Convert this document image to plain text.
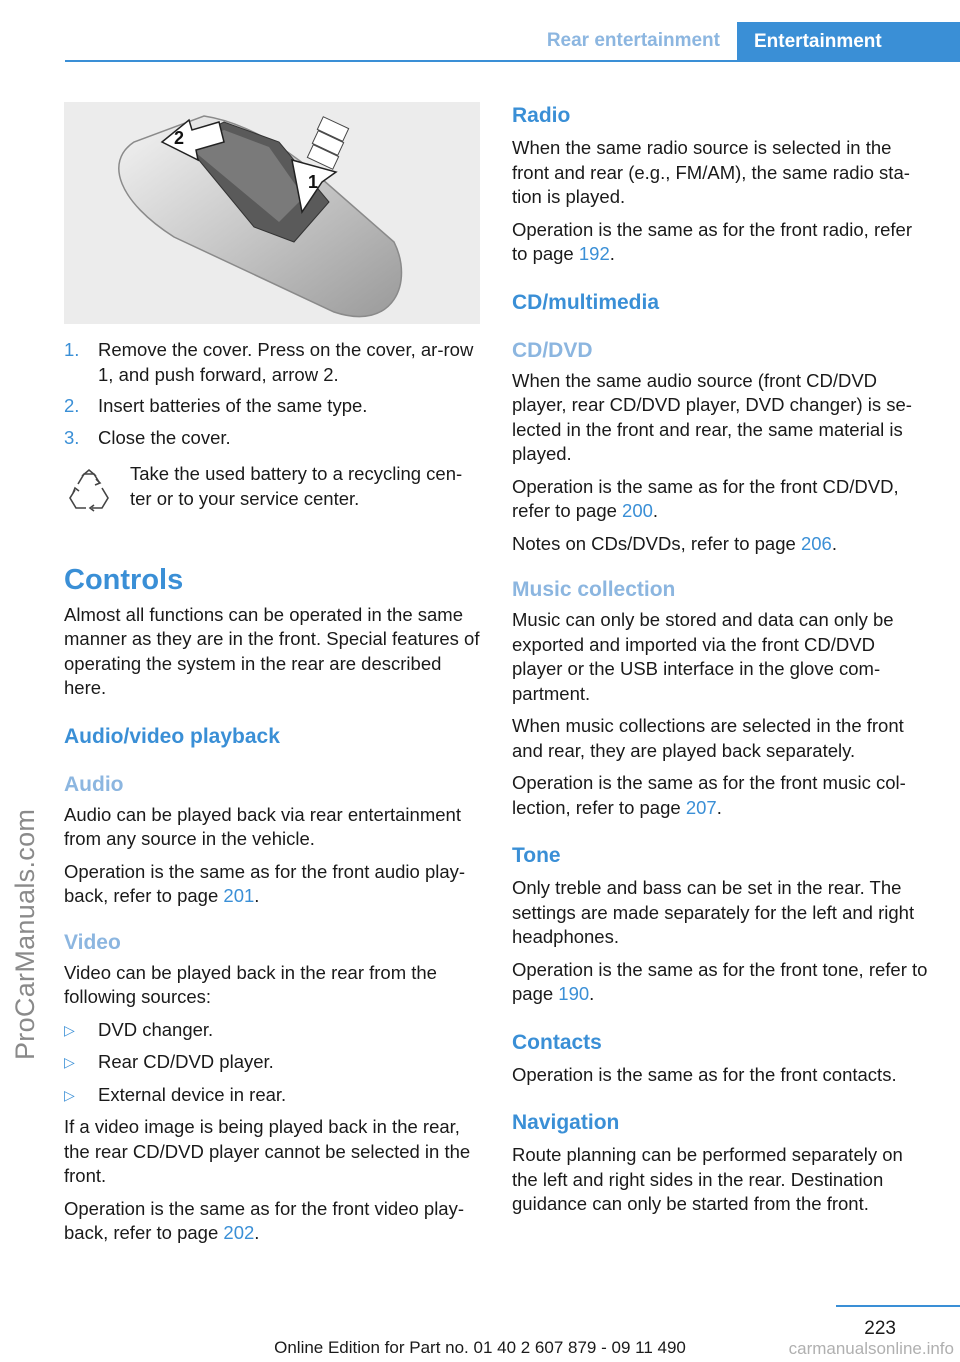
Rear entertainment	Entertainment
ProCarManuals.com
2
1
1.	Remove the cover. Press on the cover, ar-row 1, and push forward, arrow 2.
2.	Insert batteries of the same type.
3.	Close the cover.
Take the used battery to a recycling cen-ter or to your service center.
Controls

Almost all functions can be operated in the same manner as they are in the front. Special features of operating the system in the rear are described here.

Audio/video playback
Audio

Audio can be played back via rear entertainment from any source in the vehicle.

Operation is the same as for the front audio play-back, refer to page 201.

Video

Video can be played back in the rear from the following sources:

▷	DVD changer.
▷	Rear CD/DVD player.
▷	External device in rear.

If a video image is being played back in the rear, the rear CD/DVD player cannot be selected in the front.

Operation is the same as for the front video play-back, refer to page 202.

Radio

When the same radio source is selected in the front and rear (e.g., FM/AM), the same radio sta-tion is played.

Operation is the same as for the front radio, refer to page 192.

CD/multimedia
CD/DVD

When the same audio source (front CD/DVD player, rear CD/DVD player, DVD changer) is se-lected in the front and rear, the same material is played.

Operation is the same as for the front CD/DVD, refer to page 200.

Notes on CDs/DVDs, refer to page 206.

Music collection

Music can only be stored and data can only be exported and imported via the front CD/DVD player or the USB interface in the glove com-partment.

When music collections are selected in the front and rear, they are played back separately.

Operation is the same as for the front music col-lection, refer to page 207.

Tone

Only treble and bass can be set in the rear. The settings are made separately for the left and right headphones.

Operation is the same as for the front tone, refer to page 190.

Contacts

Operation is the same as for the front contacts.

Navigation

Route planning can be performed separately on the left and right sides in the rear. Destination guidance can only be started from the front.

223
Online Edition for Part no. 01 40 2 607 879 - 09 11 490	carmanualsonline.info
